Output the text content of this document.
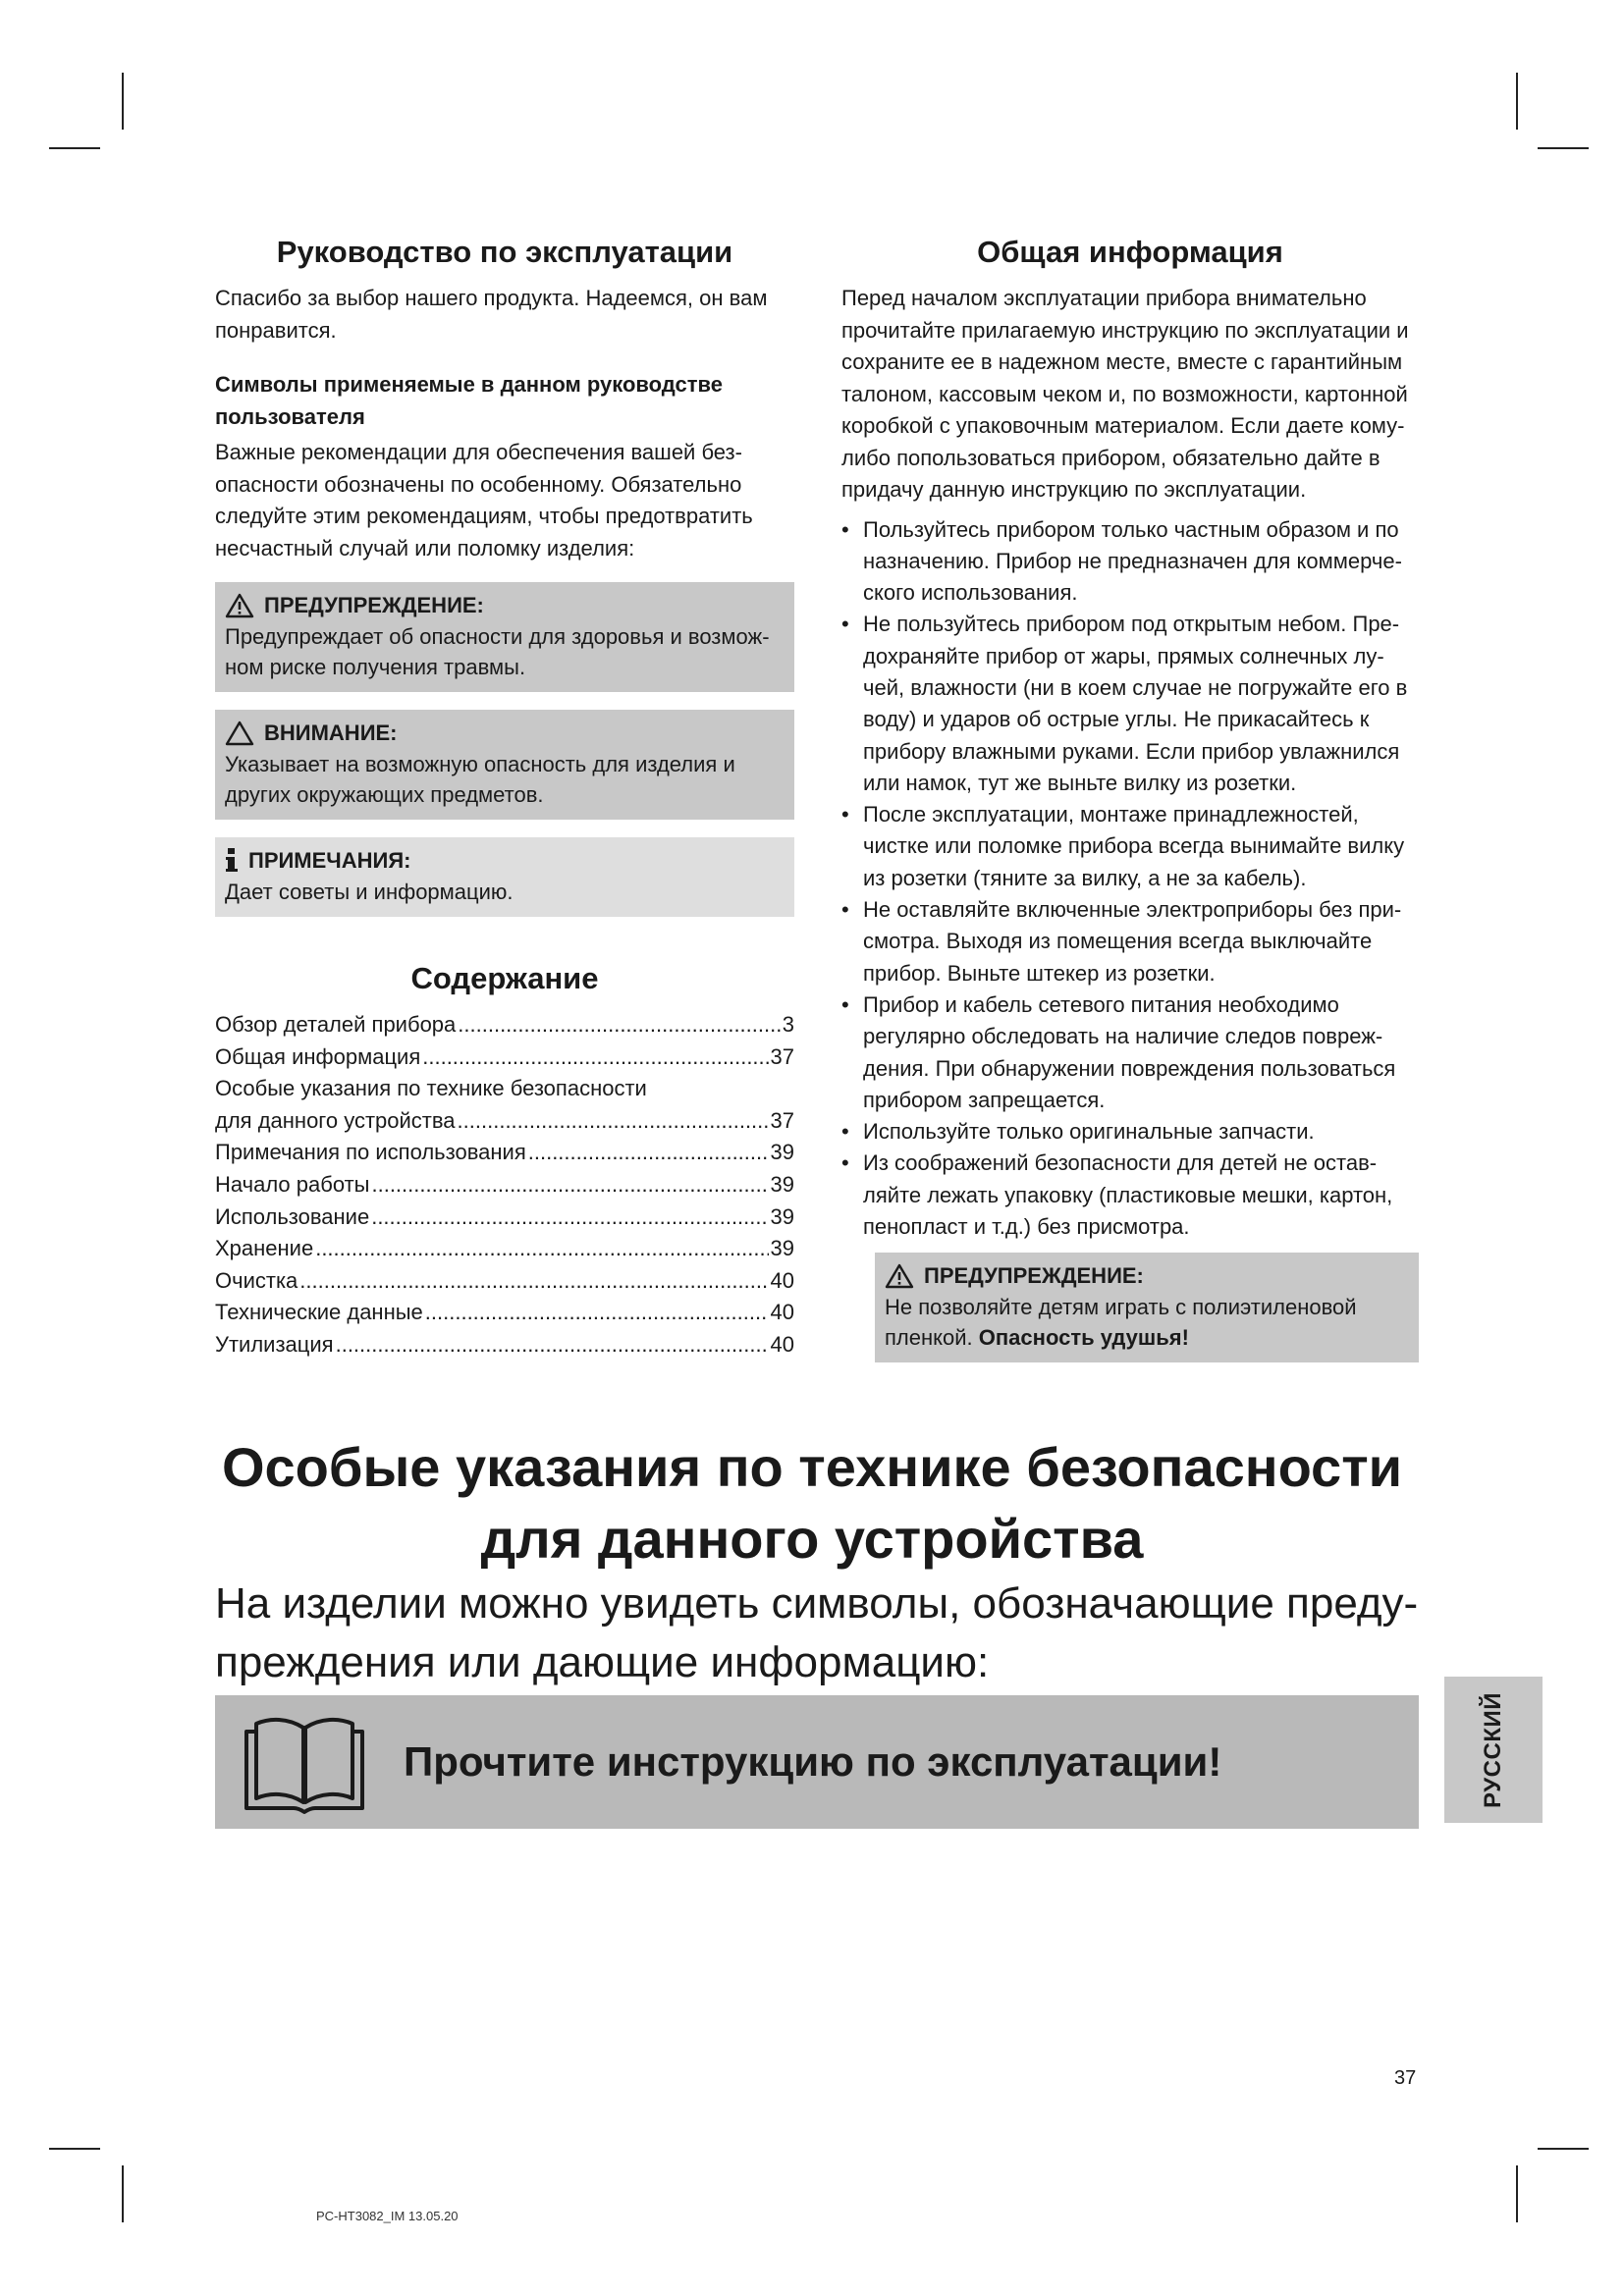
Руководство по эксплуатации

Спасибо за выбор нашего продукта. Надеемся, он вам понравится.

Символы применяемые в данном руководстве пользователя

Важные рекомендации для обеспечения вашей без-опасности обозначены по особенному. Обязательно следуйте этим рекомендациям, чтобы предотвратить несчастный случай или поломку изделия:

ПРЕДУПРЕЖДЕНИЕ:
Предупреждает об опасности для здоровья и возмож-ном риске получения травмы.
ВНИМАНИЕ:
Указывает на возможную опасность для изделия и других окружающих предметов.
ПРИМЕЧАНИЯ:
Дает советы и информацию.
Содержание
Обзор деталей прибора .....	3
Общая информация .....	37
Особые указания по технике безопасности
для данного устройства .....	37
Примечания по использования .....	39
Начало работы .....	39
Использование .....	39
Хранение .....	39
Очистка .....	40
Технические данные .....	40
Утилизация .....	40
Общая информация

Перед началом эксплуатации прибора внимательно прочитайте прилагаемую инструкцию по эксплуатации и сохраните ее в надежном месте, вместе с гарантийным талоном, кассовым чеком и, по возможности, картонной коробкой с упаковочным материалом. Если даете кому-либо попользоваться прибором, обязательно дайте в придачу данную инструкцию по эксплуатации.

• Пользуйтесь прибором только частным образом и по назначению. Прибор не предназначен для коммерче-ского использования.
• Не пользуйтесь прибором под открытым небом. Пре-дохраняйте прибор от жары, прямых солнечных лу-чей, влажности (ни в коем случае не погружайте его в воду) и ударов об острые углы. Не прикасайтесь к прибору влажными руками. Если прибор увлажнился или намок, тут же выньте вилку из розетки.
• После эксплуатации, монтаже принадлежностей, чистке или поломке прибора всегда вынимайте вилку из розетки (тяните за вилку, а не за кабель).
• Не оставляйте включенные электроприборы без при-смотра. Выходя из помещения всегда выключайте прибор. Выньте штекер из розетки.
• Прибор и кабель сетевого питания необходимо регулярно обследовать на наличие следов повреж-дения. При обнаружении повреждения пользоваться прибором запрещается.
• Используйте только оригинальные запчасти.
• Из соображений безопасности для детей не остав-ляйте лежать упаковку (пластиковые мешки, картон, пенопласт и т.д.) без присмотра.
ПРЕДУПРЕЖДЕНИЕ:
Не позволяйте детям играть с полиэтиленовой пленкой. Опасность удушья!
Особые указания по технике безопасности
для данного устройства
На изделии можно увидеть символы, обозначающие преду-преждения или дающие информацию:
Прочтите инструкцию по эксплуатации!	РУССКИЙ
37
PC-HT3082_IM 13.05.20
